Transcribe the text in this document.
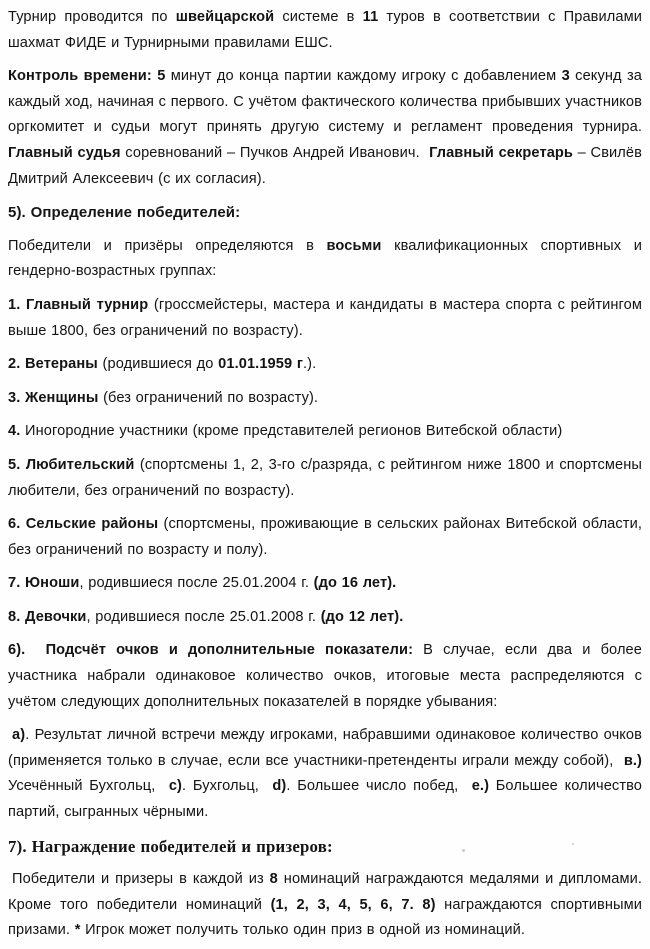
Турнир проводится по швейцарской системе в 11 туров в соответствии с Правилами шахмат ФИДЕ и Турнирными правилами ЕШС.

Контроль времени: 5 минут до конца партии каждому игроку с добавлением 3 секунд за каждый ход, начиная с первого. С учётом фактического количества прибывших участников оргкомитет и судьи могут принять другую систему и регламент проведения турнира. Главный судья соревнований – Пучков Андрей Иванович.  Главный секретарь – Свилёв Дмитрий Алексеевич (с их согласия).

5). Определение победителей:

Победители и призёры определяются в восьми квалификационных спортивных и гендерно-возрастных группах:

1. Главный турнир (гроссмейстеры, мастера и кандидаты в мастера спорта с рейтингом выше 1800, без ограничений по возрасту).

2. Ветераны (родившиеся до 01.01.1959 г.).

3. Женщины (без ограничений по возрасту).

4. Иногородние участники (кроме представителей регионов Витебской области)

5. Любительский (спортсмены 1, 2, 3-го с/разряда, с рейтингом ниже 1800 и спортсмены любители, без ограничений по возрасту).

6. Сельские районы (спортсмены, проживающие в сельских районах Витебской области, без ограничений по возрасту и полу).

7. Юноши, родившиеся после 25.01.2004 г. (до 16 лет).

8. Девочки, родившиеся после 25.01.2008 г. (до 12 лет).

6).  Подсчёт очков и дополнительные показатели: В случае, если два и более участника набрали одинаковое количество очков, итоговые места распределяются с учётом следующих дополнительных показателей в порядке убывания:

а). Результат личной встречи между игроками, набравшими одинаковое количество очков (применяется только в случае, если все участники-претенденты играли между собой),  в.) Усечённый Бухгольц,  с). Бухгольц,  d). Большее число побед,  е.) Большее количество партий, сыгранных чёрными.

7). Награждение победителей и призеров:

Победители и призеры в каждой из 8 номинаций награждаются медалями и дипломами. Кроме того победители номинаций (1, 2, 3, 4, 5, 6, 7. 8) награждаются спортивными призами. * Игрок может получить только один приз в одной из номинаций.
